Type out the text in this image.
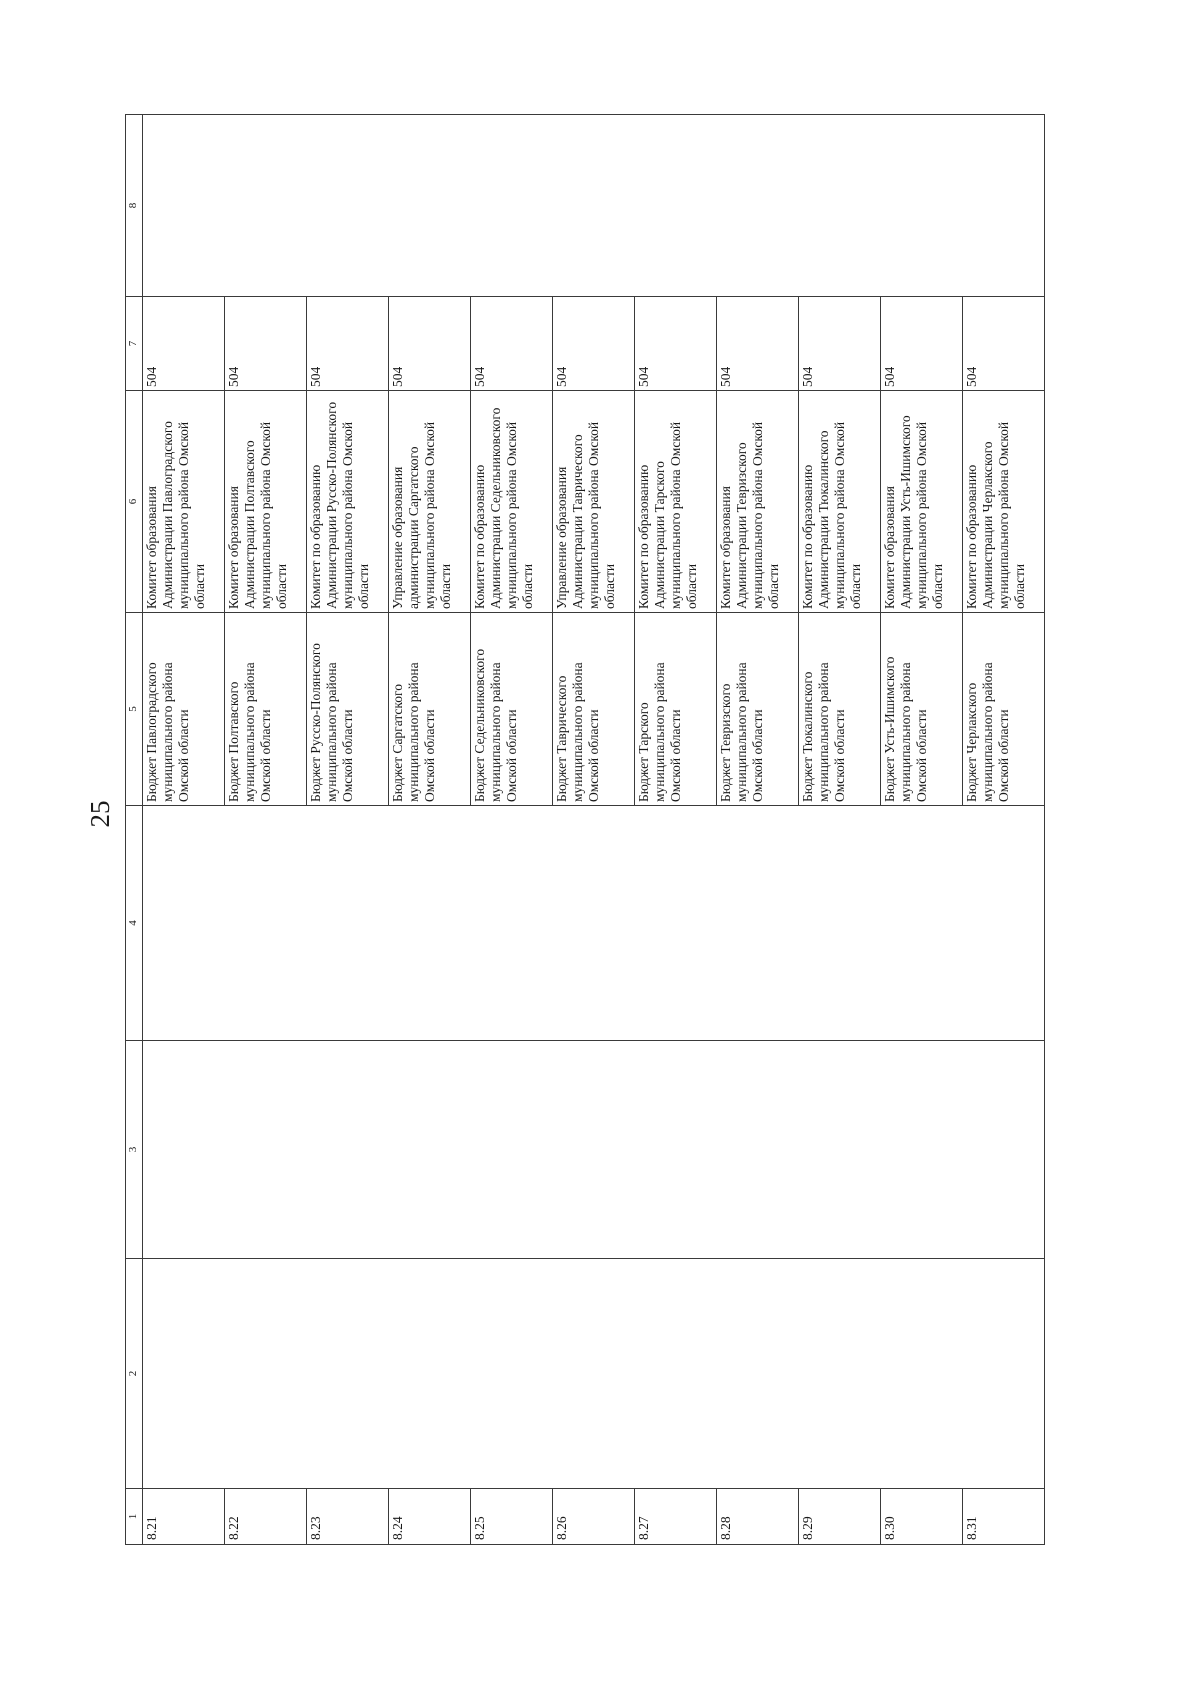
25
1	2	3	4	5	6	7	8
8.21				Бюджет Павлоградского муниципального района Омской области	Комитет образования Администрации Павлоградского муниципального района Омской области	504	
8.22				Бюджет Полтавского муниципального района Омской области	Комитет образования Администрации Полтавского муниципального района Омской области	504	
8.23				Бюджет Русско-Полянского муниципального района Омской области	Комитет по образованию Администрации Русско-Полянского муниципального района Омской области	504	
8.24				Бюджет Саргатского муниципального района Омской области	Управление образования администрации Саргатского муниципального района Омской области	504	
8.25				Бюджет Седельниковского муниципального района Омской области	Комитет по образованию Администрации Седельниковского муниципального района Омской области	504	
8.26				Бюджет Таврического муниципального района Омской области	Управление образования Администрации Таврического муниципального района Омской области	504	
8.27				Бюджет Тарского муниципального района Омской области	Комитет по образованию Администрации Тарского муниципального района Омской области	504	
8.28				Бюджет Тевризского муниципального района Омской области	Комитет образования Администрации Тевризского муниципального района Омской области	504	
8.29				Бюджет Тюкалинского муниципального района Омской области	Комитет по образованию Администрации Тюкалинского муниципального района Омской области	504	
8.30				Бюджет Усть-Ишимского муниципального района Омской области	Комитет образования Администрации Усть-Ишимского муниципального района Омской области	504	
8.31				Бюджет Черлакского муниципального района Омской области	Комитет по образованию Администрации Черлакского муниципального района Омской области	504	
